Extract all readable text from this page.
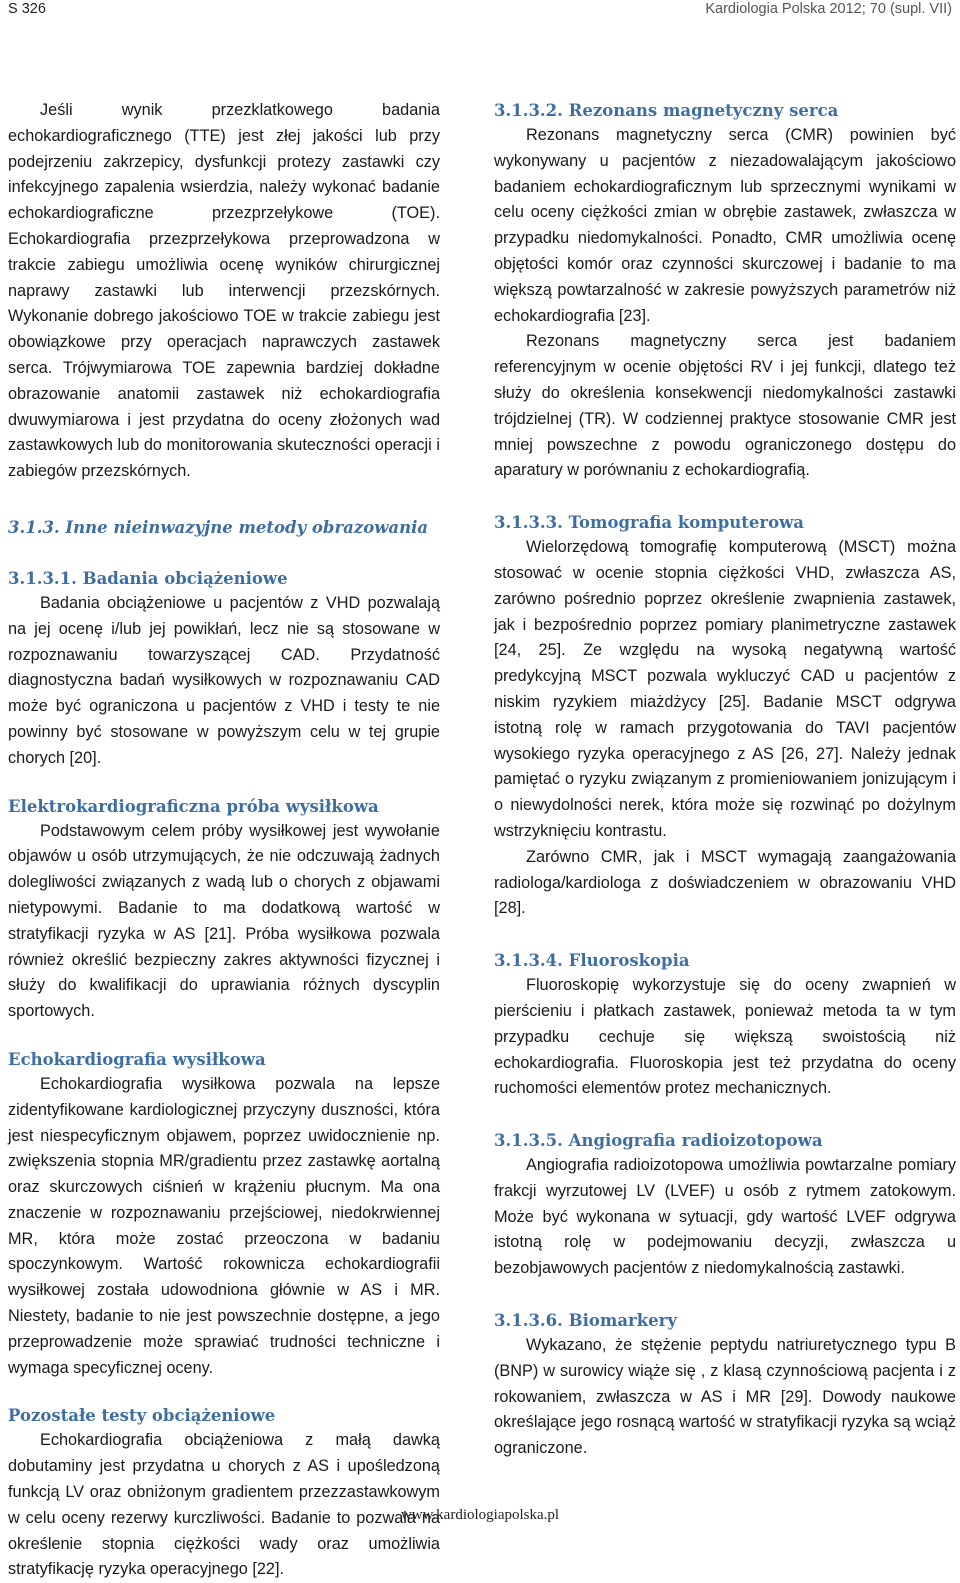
S 326	Kardiologia Polska 2012; 70 (supl. VII)

Jeśli wynik przezklatkowego badania echokardiograficznego (TTE) jest złej jakości lub przy podejrzeniu zakrzepicy, dysfunkcji protezy zastawki czy infekcyjnego zapalenia wsierdzia, należy wykonać badanie echokardiograficzne przezprzełykowe (TOE). Echokardiografia przezprzełykowa przeprowadzona w trakcie zabiegu umożliwia ocenę wyników chirurgicznej naprawy zastawki lub interwencji przezskórnych. Wykonanie dobrego jakościowo TOE w trakcie zabiegu jest obowiązkowe przy operacjach naprawczych zastawek serca. Trójwymiarowa TOE zapewnia bardziej dokładne obrazowanie anatomii zastawek niż echokardiografia dwuwymiarowa i jest przydatna do oceny złożonych wad zastawkowych lub do monitorowania skuteczności operacji i zabiegów przezskórnych.

3.1.3. Inne nieinwazyjne metody obrazowania
3.1.3.1. Badania obciążeniowe

Badania obciążeniowe u pacjentów z VHD pozwalają na jej ocenę i/lub jej powikłań, lecz nie są stosowane w rozpoznawaniu towarzyszącej CAD. Przydatność diagnostyczna badań wysiłkowych w rozpoznawaniu CAD może być ograniczona u pacjentów z VHD i testy te nie powinny być stosowane w powyższym celu w tej grupie chorych [20].

Elektrokardiograficzna próba wysiłkowa

Podstawowym celem próby wysiłkowej jest wywołanie objawów u osób utrzymujących, że nie odczuwają żadnych dolegliwości związanych z wadą lub o chorych z objawami nietypowymi. Badanie to ma dodatkową wartość w stratyfikacji ryzyka w AS [21]. Próba wysiłkowa pozwala również określić bezpieczny zakres aktywności fizycznej i służy do kwalifikacji do uprawiania różnych dyscyplin sportowych.

Echokardiografia wysiłkowa

Echokardiografia wysiłkowa pozwala na lepsze zidentyfikowane kardiologicznej przyczyny duszności, która jest niespecyficznym objawem, poprzez uwidocznienie np. zwiększenia stopnia MR/gradientu przez zastawkę aortalną oraz skurczowych ciśnień w krążeniu płucnym. Ma ona znaczenie w rozpoznawaniu przejściowej, niedokrwiennej MR, która może zostać przeoczona w badaniu spoczynkowym. Wartość rokownicza echokardiografii wysiłkowej została udowodniona głównie w AS i MR. Niestety, badanie to nie jest powszechnie dostępne, a jego przeprowadzenie może sprawiać trudności techniczne i wymaga specyficznej oceny.

Pozostałe testy obciążeniowe

Echokardiografia obciążeniowa z małą dawką dobutaminy jest przydatna u chorych z AS i upośledzoną funkcją LV oraz obniżonym gradientem przezzastawkowym w celu oceny rezerwy kurczliwości. Badanie to pozwala na określenie stopnia ciężkości wady oraz umożliwia stratyfikację ryzyka operacyjnego [22].

3.1.3.2. Rezonans magnetyczny serca

Rezonans magnetyczny serca (CMR) powinien być wykonywany u pacjentów z niezadowalającym jakościowo badaniem echokardiograficznym lub sprzecznymi wynikami w celu oceny ciężkości zmian w obrębie zastawek, zwłaszcza w przypadku niedomykalności. Ponadto, CMR umożliwia ocenę objętości komór oraz czynności skurczowej i badanie to ma większą powtarzalność w zakresie powyższych parametrów niż echokardiografia [23].

Rezonans magnetyczny serca jest badaniem referencyjnym w ocenie objętości RV i jej funkcji, dlatego też służy do określenia konsekwencji niedomykalności zastawki trójdzielnej (TR). W codziennej praktyce stosowanie CMR jest mniej powszechne z powodu ograniczonego dostępu do aparatury w porównaniu z echokardiografią.

3.1.3.3. Tomografia komputerowa

Wielorzędową tomografię komputerową (MSCT) można stosować w ocenie stopnia ciężkości VHD, zwłaszcza AS, zarówno pośrednio poprzez określenie zwapnienia zastawek, jak i bezpośrednio poprzez pomiary planimetryczne zastawek [24, 25]. Ze względu na wysoką negatywną wartość predykcyjną MSCT pozwala wykluczyć CAD u pacjentów z niskim ryzykiem miażdżycy [25]. Badanie MSCT odgrywa istotną rolę w ramach przygotowania do TAVI pacjentów wysokiego ryzyka operacyjnego z AS [26, 27]. Należy jednak pamiętać o ryzyku związanym z promieniowaniem jonizującym i o niewydolności nerek, która może się rozwinąć po dożylnym wstrzyknięciu kontrastu.

Zarówno CMR, jak i MSCT wymagają zaangażowania radiologa/kardiologa z doświadczeniem w obrazowaniu VHD [28].

3.1.3.4. Fluoroskopia

Fluoroskopię wykorzystuje się do oceny zwapnień w pierścieniu i płatkach zastawek, ponieważ metoda ta w tym przypadku cechuje się większą swoistością niż echokardiografia. Fluoroskopia jest też przydatna do oceny ruchomości elementów protez mechanicznych.

3.1.3.5. Angiografia radioizotopowa

Angiografia radioizotopowa umożliwia powtarzalne pomiary frakcji wyrzutowej LV (LVEF) u osób z rytmem zatokowym. Może być wykonana w sytuacji, gdy wartość LVEF odgrywa istotną rolę w podejmowaniu decyzji, zwłaszcza u bezobjawowych pacjentów z niedomykalnością zastawki.

3.1.3.6. Biomarkery

Wykazano, że stężenie peptydu natriuretycznego typu B (BNP) w surowicy wiąże się , z klasą czynnościową pacjenta i z rokowaniem, zwłaszcza w AS i MR [29]. Dowody naukowe określające jego rosnącą wartość w stratyfikacji ryzyka są wciąż ograniczone.

www.kardiologiapolska.pl
